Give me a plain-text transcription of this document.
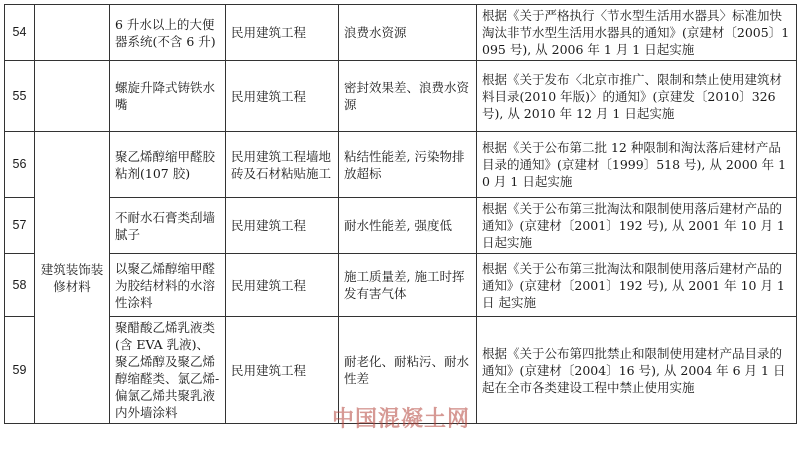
54		6 升水以上的大便器系统(不含 6 升)	民用建筑工程	浪费水资源	根据《关于严格执行〈节水型生活用水器具〉标准加快淘汰非节水型生活用水器具的通知》(京建材〔2005〕1095 号), 从 2006 年 1 月 1 日起实施
55		螺旋升降式铸铁水嘴	民用建筑工程	密封效果差、浪费水资源	根据《关于发布〈北京市推广、限制和禁止使用建筑材料目录(2010 年版)〉的通知》(京建发〔2010〕326 号), 从 2010 年 12 月 1 日起实施
56	建筑装饰装修材料	聚乙烯醇缩甲醛胶粘剂(107 胶)	民用建筑工程墙地砖及石材粘贴施工	粘结性能差, 污染物排放超标	根据《关于公布第二批 12 种限制和淘汰落后建材产品目录的通知》(京建材〔1999〕518 号), 从 2000 年 10 月 1 日起实施
57		不耐水石膏类刮墙腻子	民用建筑工程	耐水性能差, 强度低	根据《关于公布第三批淘汰和限制使用落后建材产品的通知》(京建材〔2001〕192 号), 从 2001 年 10 月 1 日起实施
58		以聚乙烯醇缩甲醛为胶结材料的水溶性涂料	民用建筑工程	施工质量差, 施工时挥发有害气体	根据《关于公布第三批淘汰和限制使用落后建材产品的通知》(京建材〔2001〕192 号), 从 2001 年 10 月 1 日 起实施
59		聚醋酸乙烯乳液类(含 EVA 乳液)、聚乙烯醇及聚乙烯醇缩醛类、氯乙烯-偏氯乙烯共聚乳液内外墙涂料	民用建筑工程	耐老化、耐粘污、耐水性差	根据《关于公布第四批禁止和限制使用建材产品目录的通知》(京建材〔2004〕16 号), 从 2004 年 6 月 1 日起在全市各类建设工程中禁止使用实施
中国混凝土网
